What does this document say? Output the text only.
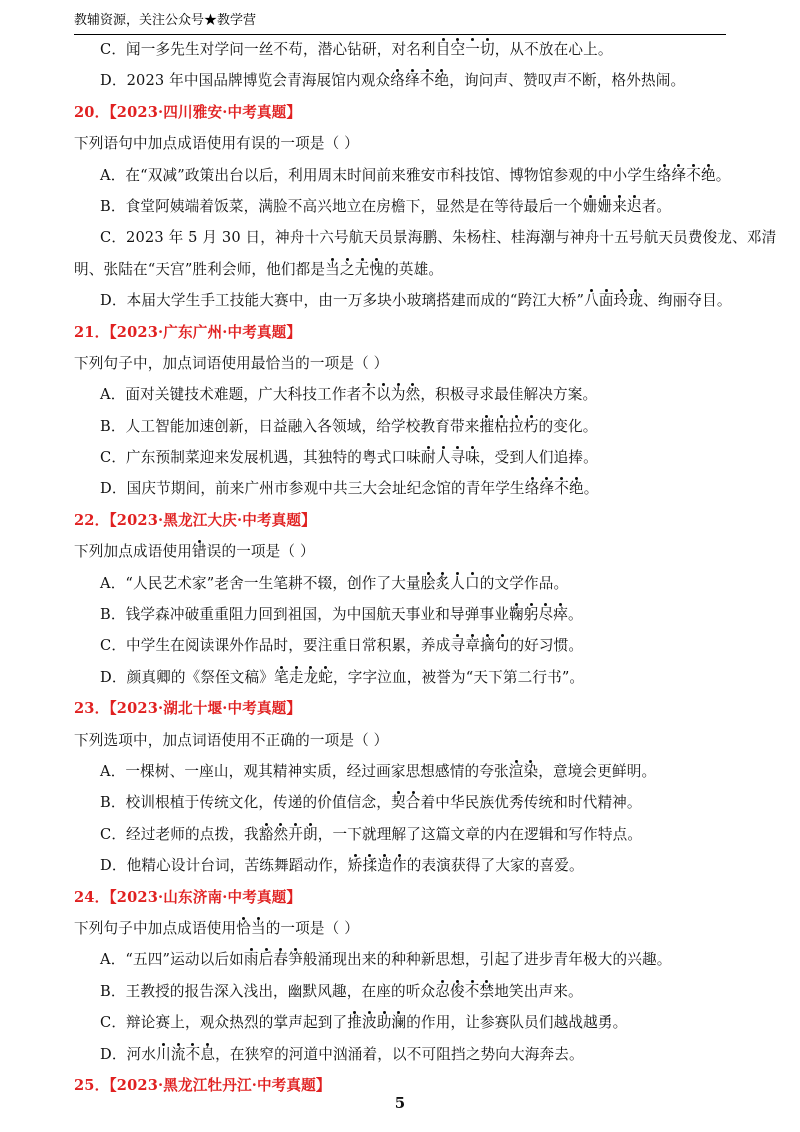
教辅资源，关注公众号★教学营
C．闻一多先生对学问一丝不苟，潜心钻研，对名利目空一切，从不放在心上。
D．2023 年中国品牌博览会青海展馆内观众络绎不绝，询问声、赞叹声不断，格外热闹。
20．【2023·四川雅安·中考真题】
下列语句中加点成语使用有误的一项是（ ）
A．在“双减”政策出台以后，利用周末时间前来雅安市科技馆、博物馆参观的中小学生络绎不绝。
B．食堂阿姨端着饭菜，满脸不高兴地立在房檐下，显然是在等待最后一个姗姗来迟者。
C．2023 年 5 月 30 日，神舟十六号航天员景海鹏、朱杨柱、桂海潮与神舟十五号航天员费俊龙、邓清
明、张陆在“天宫”胜利会师，他们都是当之无愧的英雄。
D．本届大学生手工技能大赛中，由一万多块小玻璃搭建而成的“跨江大桥”八面玲珑、绚丽夺目。
21．【2023·广东广州·中考真题】
下列句子中，加点词语使用最恰当的一项是（ ）
A．面对关键技术难题，广大科技工作者不以为然，积极寻求最佳解决方案。
B．人工智能加速创新，日益融入各领域，给学校教育带来摧枯拉朽的变化。
C．广东预制菜迎来发展机遇，其独特的粤式口味耐人寻味，受到人们追捧。
D．国庆节期间，前来广州市参观中共三大会址纪念馆的青年学生络绎不绝。
22．【2023·黑龙江大庆·中考真题】
下列加点成语使用错误的一项是（ ）
A．“人民艺术家”老舍一生笔耕不辍，创作了大量脍炙人口的文学作品。
B．钱学森冲破重重阻力回到祖国，为中国航天事业和导弹事业鞠躬尽瘁。
C．中学生在阅读课外作品时，要注重日常积累，养成寻章摘句的好习惯。
D．颜真卿的《祭侄文稿》笔走龙蛇，字字泣血，被誉为“天下第二行书”。
23．【2023·湖北十堰·中考真题】
下列选项中，加点词语使用不正确的一项是（ ）
A．一棵树、一座山，观其精神实质，经过画家思想感情的夸张渲染，意境会更鲜明。
B．校训根植于传统文化，传递的价值信念，契合着中华民族优秀传统和时代精神。
C．经过老师的点拨，我豁然开朗，一下就理解了这篇文章的内在逻辑和写作特点。
D．他精心设计台词，苦练舞蹈动作，矫揉造作的表演获得了大家的喜爱。
24．【2023·山东济南·中考真题】
下列句子中加点成语使用恰当的一项是（ ）
A．“五四”运动以后如雨后春笋般涌现出来的种种新思想，引起了进步青年极大的兴趣。
B．王教授的报告深入浅出，幽默风趣，在座的听众忍俊不禁地笑出声来。
C．辩论赛上，观众热烈的掌声起到了推波助澜的作用，让参赛队员们越战越勇。
D．河水川流不息，在狭窄的河道中汹涌着，以不可阻挡之势向大海奔去。
25．【2023·黑龙江牡丹江·中考真题】
5
